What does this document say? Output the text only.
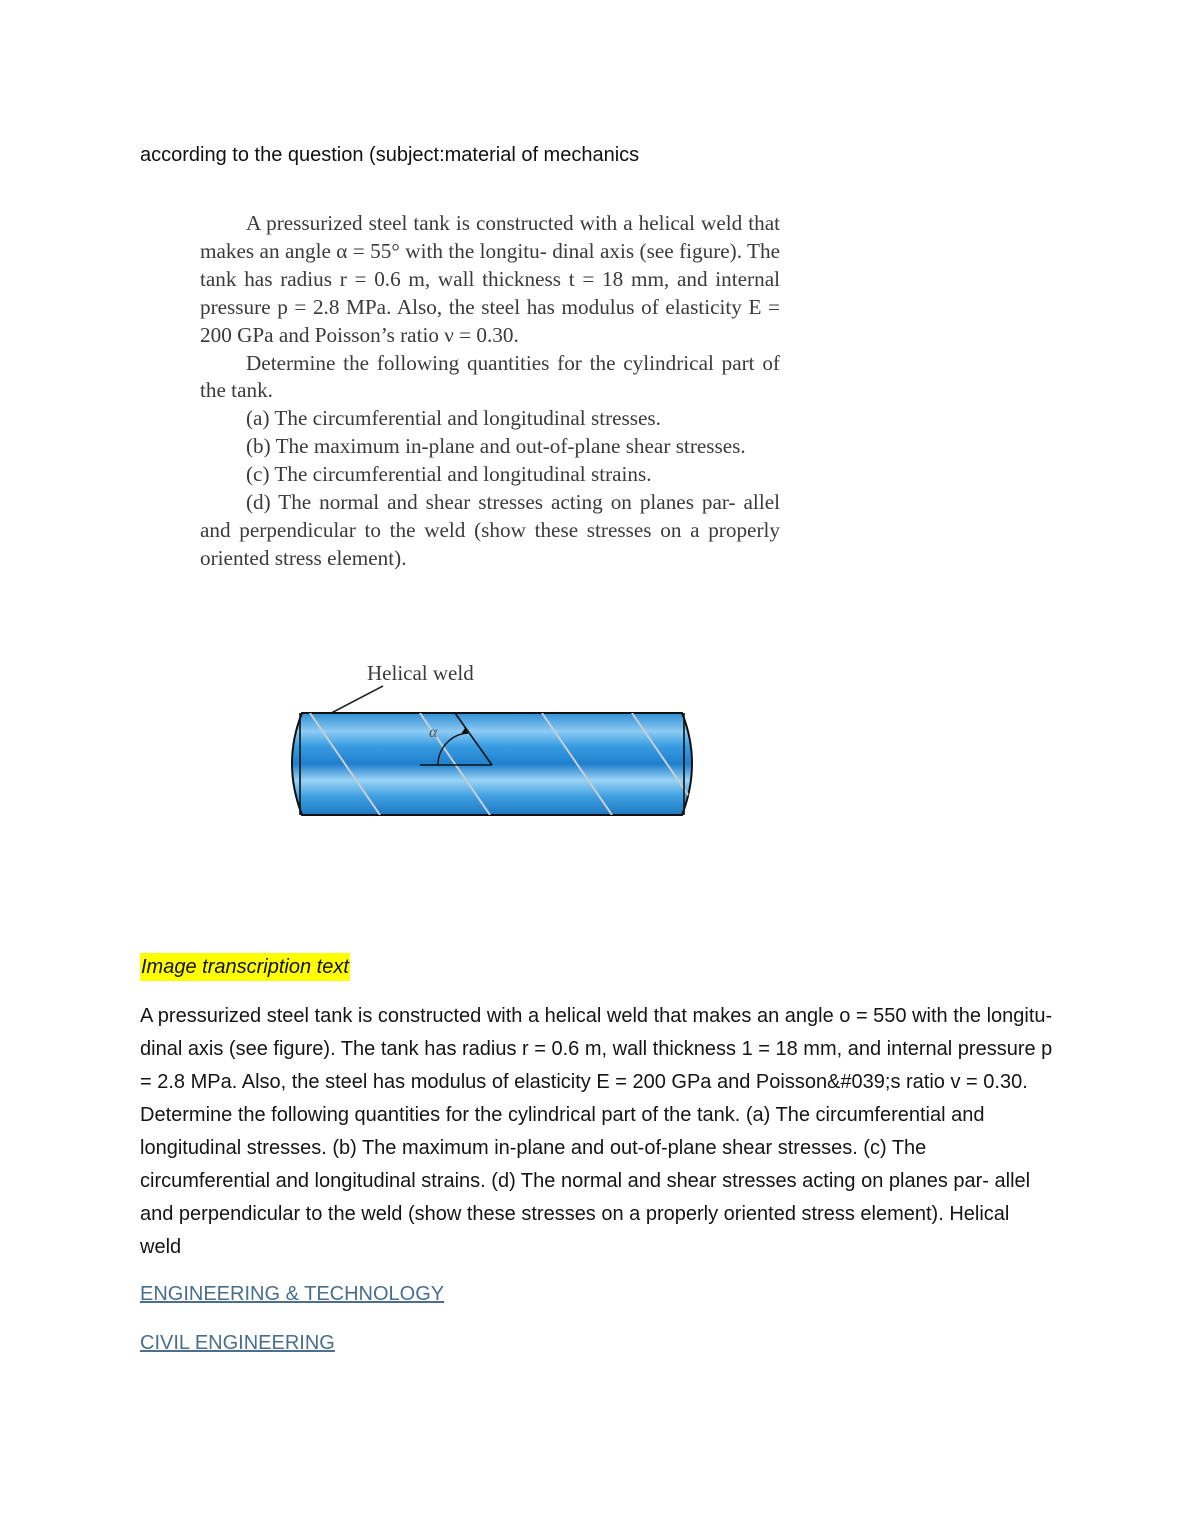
according to the question (subject:material of mechanics

A pressurized steel tank is constructed with a helical weld that makes an angle α = 55° with the longitu- dinal axis (see figure). The tank has radius r = 0.6 m, wall thickness t = 18 mm, and internal pressure p = 2.8 MPa. Also, the steel has modulus of elasticity E = 200 GPa and Poisson’s ratio ν = 0.30.

Determine the following quantities for the cylindrical part of the tank.

(a) The circumferential and longitudinal stresses.

(b) The maximum in-plane and out-of-plane shear stresses.

(c) The circumferential and longitudinal strains.

(d) The normal and shear stresses acting on planes par- allel and perpendicular to the weld (show these stresses on a properly oriented stress element).

Helical weld
α
Image transcription text
A pressurized steel tank is constructed with a helical weld that makes an angle o = 550 with the longitu- dinal axis (see figure). The tank has radius r = 0.6 m, wall thickness 1 = 18 mm, and internal pressure p = 2.8 MPa. Also, the steel has modulus of elasticity E = 200 GPa and Poisson&#039;s ratio v = 0.30. Determine the following quantities for the cylindrical part of the tank. (a) The circumferential and longitudinal stresses. (b) The maximum in-plane and out-of-plane shear stresses. (c) The circumferential and longitudinal strains. (d) The normal and shear stresses acting on planes par- allel and perpendicular to the weld (show these stresses on a properly oriented stress element). Helical weld
ENGINEERING & TECHNOLOGY
CIVIL ENGINEERING
